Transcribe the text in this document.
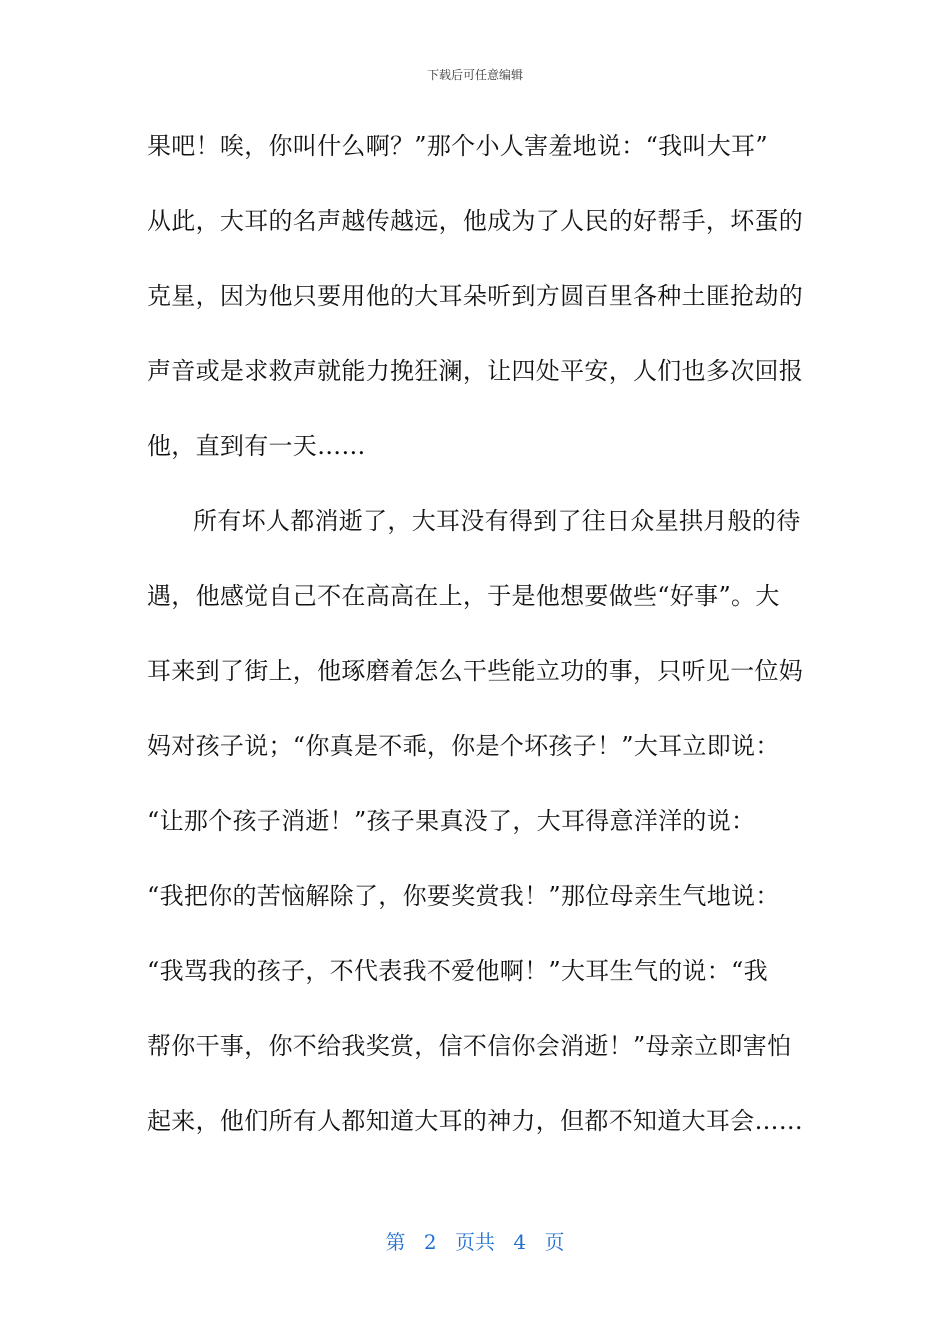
下载后可任意编辑
果吧！唉，你叫什么啊？”那个小人害羞地说：“我叫大耳”
从此，大耳的名声越传越远，他成为了人民的好帮手，坏蛋的
克星，因为他只要用他的大耳朵听到方圆百里各种土匪抢劫的
声音或是求救声就能力挽狂澜，让四处平安，人们也多次回报
他，直到有一天……
所有坏人都消逝了，大耳没有得到了往日众星拱月般的待
遇，他感觉自己不在高高在上，于是他想要做些“好事”。大
耳来到了街上，他琢磨着怎么干些能立功的事，只听见一位妈
妈对孩子说；“你真是不乖，你是个坏孩子！”大耳立即说：
“让那个孩子消逝！”孩子果真没了，大耳得意洋洋的说：
“我把你的苦恼解除了，你要奖赏我！”那位母亲生气地说：
“我骂我的孩子，不代表我不爱他啊！”大耳生气的说：“我
帮你干事，你不给我奖赏，信不信你会消逝！”母亲立即害怕
起来，他们所有人都知道大耳的神力，但都不知道大耳会……
第 2 页共 4 页
